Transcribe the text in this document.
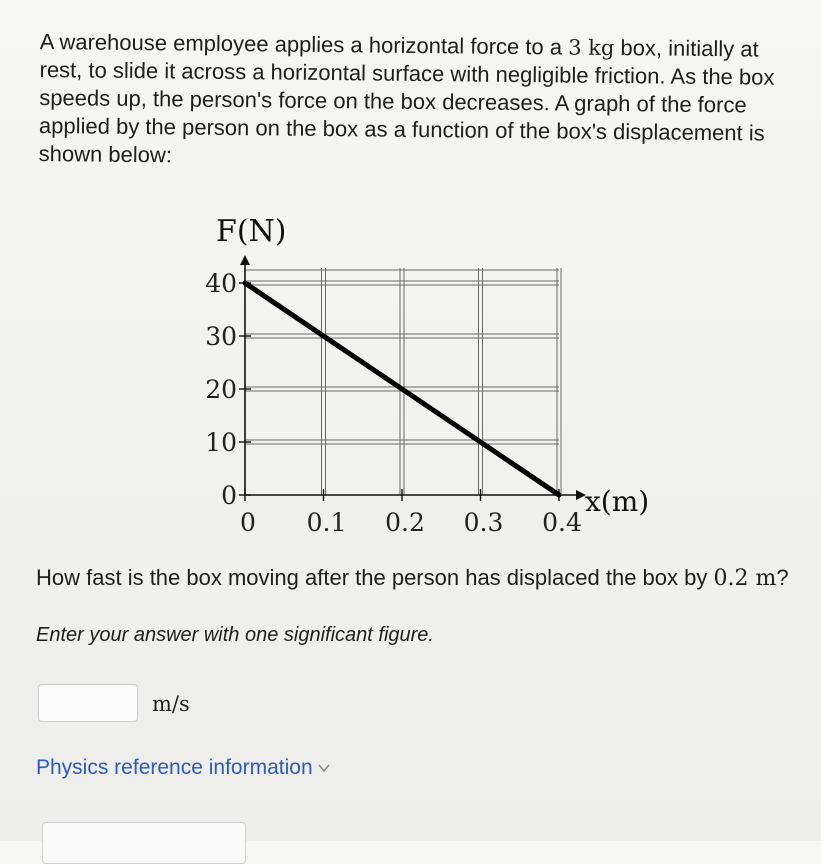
A warehouse employee applies a horizontal force to a 3 kg box, initially at rest, to slide it across a horizontal surface with negligible friction. As the box speeds up, the person's force on the box decreases. A graph of the force applied by the person on the box as a function of the box's displacement is shown below:

0
10
20
30
40
0 0.1 0.2 0.3 0.4
F(N)
x(m)

How fast is the box moving after the person has displaced the box by 0.2 m?

Enter your answer with one significant figure.

m/s
Physics reference information
